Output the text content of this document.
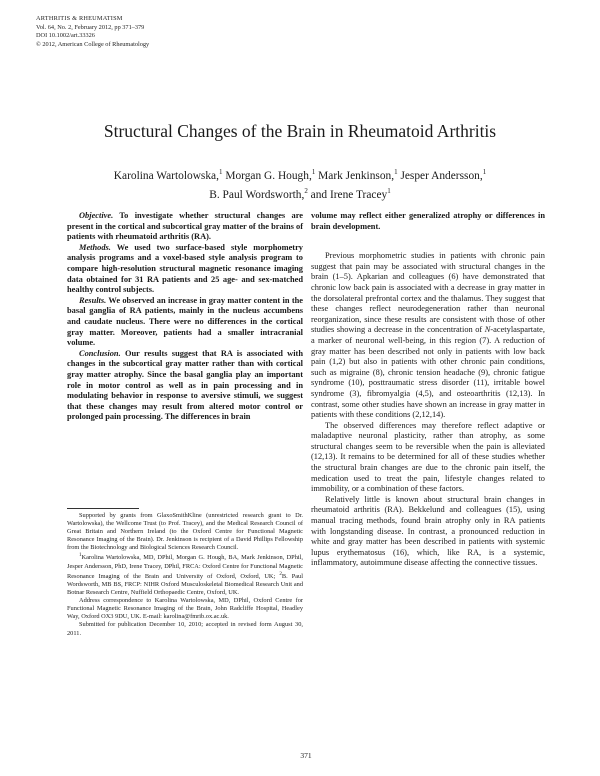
ARTHRITIS & RHEUMATISM
Vol. 64, No. 2, February 2012, pp 371–379
DOI 10.1002/art.33326
© 2012, American College of Rheumatology
Structural Changes of the Brain in Rheumatoid Arthritis
Karolina Wartolowska,$^1$ Morgan G. Hough,$^1$ Mark Jenkinson,$^1$ Jesper Andersson,$^1$
B. Paul Wordsworth,$^2$ and Irene Tracey$^1$

Objective. To investigate whether structural changes are present in the cortical and subcortical gray matter of the brains of patients with rheumatoid arthritis (RA).

Methods. We used two surface-based style morphometry analysis programs and a voxel-based style analysis program to compare high-resolution structural magnetic resonance imaging data obtained for 31 RA patients and 25 age- and sex-matched healthy control subjects.

Results. We observed an increase in gray matter content in the basal ganglia of RA patients, mainly in the nucleus accumbens and caudate nucleus. There were no differences in the cortical gray matter. Moreover, patients had a smaller intracranial volume.

Conclusion. Our results suggest that RA is associated with changes in the subcortical gray matter rather than with cortical gray matter atrophy. Since the basal ganglia play an important role in motor control as well as in pain processing and in modulating behavior in response to aversive stimuli, we suggest that these changes may result from altered motor control or prolonged pain processing. The differences in brain

Supported by grants from GlaxoSmithKline (unrestricted research grant to Dr. Wartolowska), the Wellcome Trust (to Prof. Tracey), and the Medical Research Council of Great Britain and Northern Ireland (to the Oxford Centre for Functional Magnetic Resonance Imaging of the Brain). Dr. Jenkinson is recipient of a David Phillips Fellowship from the Biotechnology and Biological Sciences Research Council.

$^1$Karolina Wartolowska, MD, DPhil, Morgan G. Hough, BA, Mark Jenkinson, DPhil, Jesper Andersson, PhD, Irene Tracey, DPhil, FRCA: Oxford Centre for Functional Magnetic Resonance Imaging of the Brain and University of Oxford, Oxford, UK; $^2$B. Paul Wordsworth, MB BS, FRCP: NIHR Oxford Musculoskeletal Biomedical Research Unit and Botnar Research Centre, Nuffield Orthopaedic Centre, Oxford, UK.

Address correspondence to Karolina Wartolowska, MD, DPhil, Oxford Centre for Functional Magnetic Resonance Imaging of the Brain, John Radcliffe Hospital, Headley Way, Oxford OX3 9DU, UK. E-mail: karolina@fmrib.ox.ac.uk.

Submitted for publication December 10, 2010; accepted in revised form August 30, 2011.

volume may reflect either generalized atrophy or differences in brain development.

Previous morphometric studies in patients with chronic pain suggest that pain may be associated with structural changes in the brain (1–5). Apkarian and colleagues (6) have demonstrated that chronic low back pain is associated with a decrease in gray matter in the dorsolateral prefrontal cortex and the thalamus. They suggest that these changes reflect neurodegeneration rather than neuronal reorganization, since these results are consistent with those of other studies showing a decrease in the concentration of N-acetylaspartate, a marker of neuronal well-being, in this region (7). A reduction of gray matter has been described not only in patients with low back pain (1,2) but also in patients with other chronic pain conditions, such as migraine (8), chronic tension headache (9), chronic fatigue syndrome (10), posttraumatic stress disorder (11), irritable bowel syndrome (3), fibromyalgia (4,5), and osteoarthritis (12,13). In contrast, some other studies have shown an increase in gray matter in patients with these conditions (2,12,14).

The observed differences may therefore reflect adaptive or maladaptive neuronal plasticity, rather than atrophy, as some structural changes seem to be reversible when the pain is alleviated (12,13). It remains to be determined for all of these studies whether the structural brain changes are due to the chronic pain itself, the medication used to treat the pain, lifestyle changes related to immobility, or a combination of these factors.

Relatively little is known about structural brain changes in rheumatoid arthritis (RA). Bekkelund and colleagues (15), using manual tracing methods, found brain atrophy only in RA patients with longstanding disease. In contrast, a pronounced reduction in white and gray matter has been described in patients with systemic lupus erythematosus (16), which, like RA, is a systemic, inflammatory, autoimmune disease affecting the connective tissues.

371
